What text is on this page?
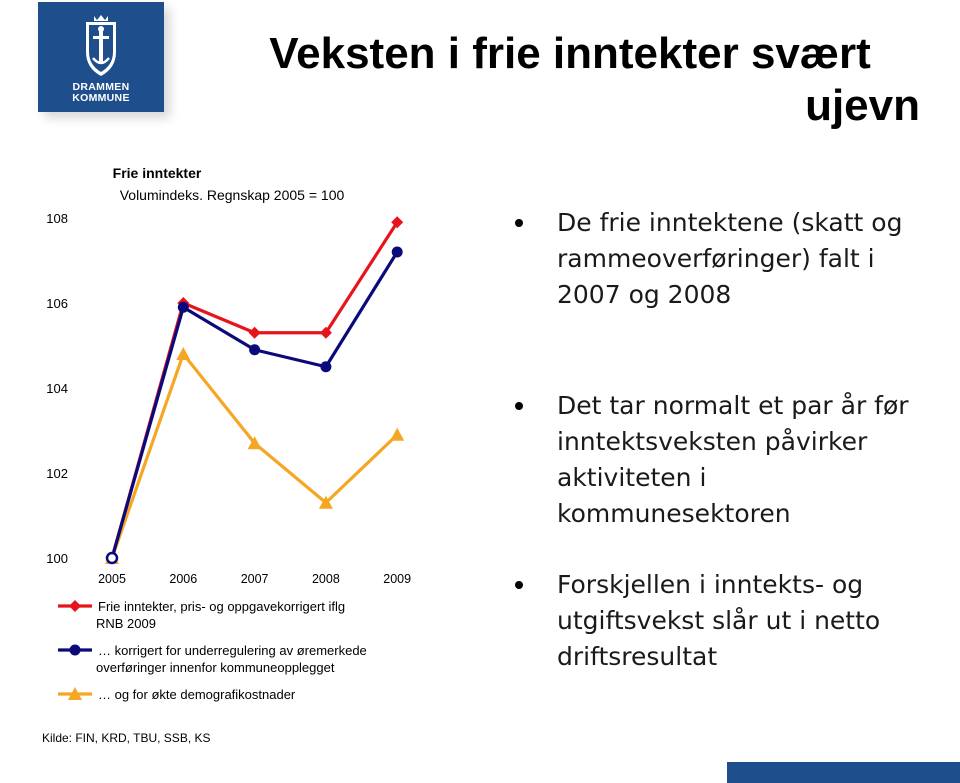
DRAMMEN
KOMMUNE
Veksten i frie inntekter svært
ujevn
Frie inntekter
Volumindeks. Regnskap 2005 = 100
100
102
104
106
108
2005	2006	2007	2008	2009
Frie inntekter, pris- og oppgavekorrigert iflg RNB 2009
… korrigert for underregulering av øremerkede overføringer innenfor kommuneopplegget
… og for økte demografikostnader
De frie inntektene (skatt og rammeoverføringer) falt i 2007 og 2008
Det tar normalt et par år før inntektsveksten påvirker aktiviteten i kommunesektoren
Forskjellen i inntekts- og utgiftsvekst slår ut i netto driftsresultat
Kilde: FIN, KRD, TBU, SSB, KS
